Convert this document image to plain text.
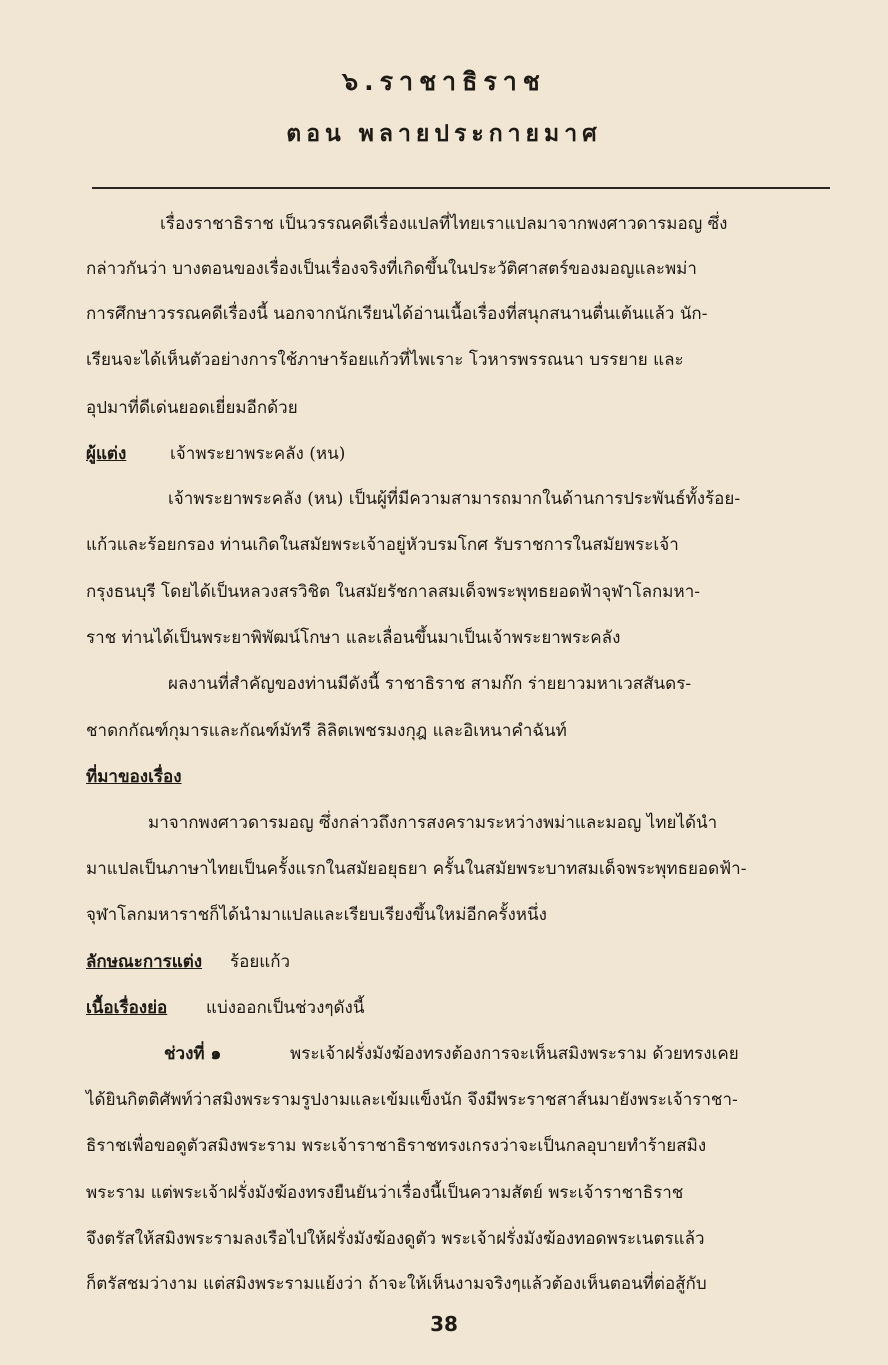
๖.ราชาธิราช
ตอน พลายประกายมาศ
เรื่องราชาธิราช เป็นวรรณคดีเรื่องแปลที่ไทยเราแปลมาจากพงศาวดารมอญ ซึ่ง
กล่าวกันว่า บางตอนของเรื่องเป็นเรื่องจริงที่เกิดขึ้นในประวัติศาสตร์ของมอญและพม่า
การศึกษาวรรณคดีเรื่องนี้ นอกจากนักเรียนได้อ่านเนื้อเรื่องที่สนุกสนานตื่นเต้นแล้ว นัก-
เรียนจะได้เห็นตัวอย่างการใช้ภาษาร้อยแก้วที่ไพเราะ โวหารพรรณนา บรรยาย และ
อุปมาที่ดีเด่นยอดเยี่ยมอีกด้วย
ผู้แต่ง	เจ้าพระยาพระคลัง (หน)
เจ้าพระยาพระคลัง (หน) เป็นผู้ที่มีความสามารถมากในด้านการประพันธ์ทั้งร้อย-
แก้วและร้อยกรอง ท่านเกิดในสมัยพระเจ้าอยู่หัวบรมโกศ รับราชการในสมัยพระเจ้า
กรุงธนบุรี โดยได้เป็นหลวงสรวิชิต ในสมัยรัชกาลสมเด็จพระพุทธยอดฟ้าจุฬาโลกมหา-
ราช ท่านได้เป็นพระยาพิพัฒน์โกษา และเลื่อนขึ้นมาเป็นเจ้าพระยาพระคลัง
ผลงานที่สำคัญของท่านมีดังนี้ ราชาธิราช สามก๊ก ร่ายยาวมหาเวสสันดร-
ชาดกกัณฑ์กุมารและกัณฑ์มัทรี ลิลิตเพชรมงกุฎ และอิเหนาคำฉันท์
ที่มาของเรื่อง
มาจากพงศาวดารมอญ ซึ่งกล่าวถึงการสงครามระหว่างพม่าและมอญ ไทยได้นำ
มาแปลเป็นภาษาไทยเป็นครั้งแรกในสมัยอยุธยา ครั้นในสมัยพระบาทสมเด็จพระพุทธยอดฟ้า-
จุฬาโลกมหาราชก็ได้นำมาแปลและเรียบเรียงขึ้นใหม่อีกครั้งหนึ่ง
ลักษณะการแต่ง ร้อยแก้ว
เนื้อเรื่องย่อ แบ่งออกเป็นช่วงๆดังนี้
ช่วงที่ ๑	พระเจ้าฝรั่งมังฆ้องทรงต้องการจะเห็นสมิงพระราม ด้วยทรงเคย
ได้ยินกิตติศัพท์ว่าสมิงพระรามรูปงามและเข้มแข็งนัก จึงมีพระราชสาส์นมายังพระเจ้าราชา-
ธิราชเพื่อขอดูตัวสมิงพระราม พระเจ้าราชาธิราชทรงเกรงว่าจะเป็นกลอุบายทำร้ายสมิง
พระราม แต่พระเจ้าฝรั่งมังฆ้องทรงยืนยันว่าเรื่องนี้เป็นความสัตย์ พระเจ้าราชาธิราช
จึงตรัสให้สมิงพระรามลงเรือไปให้ฝรั่งมังฆ้องดูตัว พระเจ้าฝรั่งมังฆ้องทอดพระเนตรแล้ว
ก็ตรัสชมว่างาม แต่สมิงพระรามแย้งว่า ถ้าจะให้เห็นงามจริงๆแล้วต้องเห็นตอนที่ต่อสู้กับ
38
